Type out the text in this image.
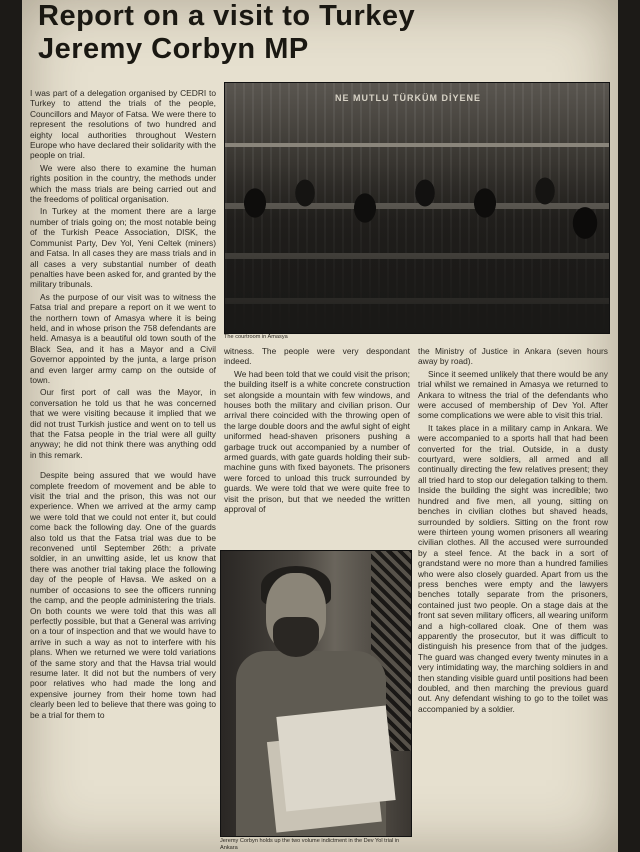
Report on a visit to Turkey
Jeremy Corbyn MP

I was part of a delegation organised by CEDRI to Turkey to attend the trials of the people, Councillors and Mayor of Fatsa. We were there to represent the resolutions of two hundred and eighty local authorities throughout Western Europe who have declared their solidarity with the people on trial.

We were also there to examine the human rights position in the country, the methods under which the mass trials are being carried out and the freedoms of political organisation.

In Turkey at the moment there are a large number of trials going on; the most notable being of the Turkish Peace Association, DISK, the Communist Party, Dev Yol, Yeni Celtek (miners) and Fatsa. In all cases they are mass trials and in all cases a very substantial number of death penalties have been asked for, and granted by the military tribunals.

As the purpose of our visit was to witness the Fatsa trial and prepare a report on it we went to the northern town of Amasya where it is being held, and in whose prison the 758 defendants are held. Amasya is a beautiful old town south of the Black Sea, and it has a Mayor and a Civil Governor appointed by the junta, a large prison and even larger army camp on the outside of town.

Our first port of call was the Mayor, in conversation he told us that he was concerned that we were visiting because it implied that we did not trust Turkish justice and went on to tell us that the Fatsa people in the trial were all guilty anyway; he did not think there was anything odd in this remark.

Despite being assured that we would have complete freedom of movement and be able to visit the trial and the prison, this was not our experience. When we arrived at the army camp we were told that we could not enter it, but could come back the following day. One of the guards also told us that the Fatsa trial was due to be reconvened until September 26th: a private soldier, in an unwitting aside, let us know that there was another trial taking place the following day of the people of Havsa. We asked on a number of occasions to see the officers running the camp, and the people administering the trials. On both counts we were told that this was all perfectly possible, but that a General was arriving on a tour of inspection and that we would have to arrive in such a way as not to interfere with his plans. When we returned we were told variations of the same story and that the Havsa trial would resume later. It did not but the numbers of very poor relatives who had made the long and expensive journey from their home town had clearly been led to believe that there was going to be a trial for them to

NE MUTLU TÜRKÜM DİYENE
The courtroom in Amasya

witness. The people were very despondant indeed.

We had been told that we could visit the prison; the building itself is a white concrete construction set alongside a mountain with few windows, and houses both the military and civilian prison. Our arrival there coincided with the throwing open of the large double doors and the awful sight of eight uniformed head-shaven prisoners pushing a garbage truck out accompanied by a number of armed guards, with gate guards holding their sub-machine guns with fixed bayonets. The prisoners were forced to unload this truck surrounded by guards. We were told that we were quite free to visit the prison, but that we needed the written approval of

Jeremy Corbyn holds up the two volume indictment in the Dev Yol trial in Ankara

the Ministry of Justice in Ankara (seven hours away by road).

Since it seemed unlikely that there would be any trial whilst we remained in Amasya we returned to Ankara to witness the trial of the defendants who were accused of membership of Dev Yol. After some complications we were able to visit this trial.

It takes place in a military camp in Ankara. We were accompanied to a sports hall that had been converted for the trial. Outside, in a dusty courtyard, were soldiers, all armed and all continually directing the few relatives present; they all tried hard to stop our delegation talking to them. Inside the building the sight was incredible; two hundred and five men, all young, sitting on benches in civilian clothes but shaved heads, surrounded by soldiers. Sitting on the front row were thirteen young women prisoners all wearing civilian clothes. All the accused were surrounded by a steel fence. At the back in a sort of grandstand were no more than a hundred families who were also closely guarded. Apart from us the press benches were empty and the lawyers benches totally separate from the prisoners, contained just two people. On a stage dais at the front sat seven military officers, all wearing uniform and a high-collared cloak. One of them was apparently the prosecutor, but it was difficult to distinguish his presence from that of the judges. The guard was changed every twenty minutes in a very intimidating way, the marching soldiers in and then standing visible guard until positions had been doubled, and then marching the previous guard out. Any defendant wishing to go to the toilet was accompanied by a soldier.
